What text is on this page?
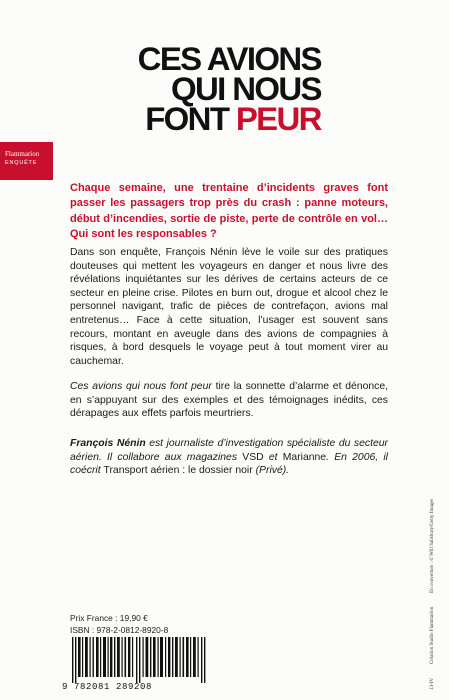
CES AVIONS
QUI NOUS
FONT PEUR
Flammarion
ENQUÊTE
Chaque semaine, une trentaine d’incidents graves font passer les passagers trop près du crash : panne moteurs, début d’incendies, sortie de piste, perte de contrôle en vol… Qui sont les responsables ?
Dans son enquête, François Nénin lève le voile sur des pratiques douteuses qui mettent les voyageurs en danger et nous livre des révélations inquiétantes sur les dérives de certains acteurs de ce secteur en pleine crise. Pilotes en burn out, drogue et alcool chez le personnel navigant, trafic de pièces de contrefaçon, avions mal entretenus… Face à cette situation, l’usager est souvent sans recours, montant en aveugle dans des avions de compagnies à risques, à bord desquels le voyage peut à tout moment virer au cauchemar.
Ces avions qui nous font peur tire la sonnette d’alarme et dénonce, en s’appuyant sur des exemples et des témoignages inédits, ces dérapages aux effets parfois meurtriers.
François Nénin est journaliste d’investigation spécialiste du secteur aérien. Il collabore aux magazines VSD et Marianne. En 2006, il coécrit Transport aérien : le dossier noir (Privé).
13-IVCréation Studio FlammarionEn couverture : © Will Salisbury/Getty Images
Prix France : 19,90 €
ISBN : 978-2-0812-8920-8
9 782081 289208
